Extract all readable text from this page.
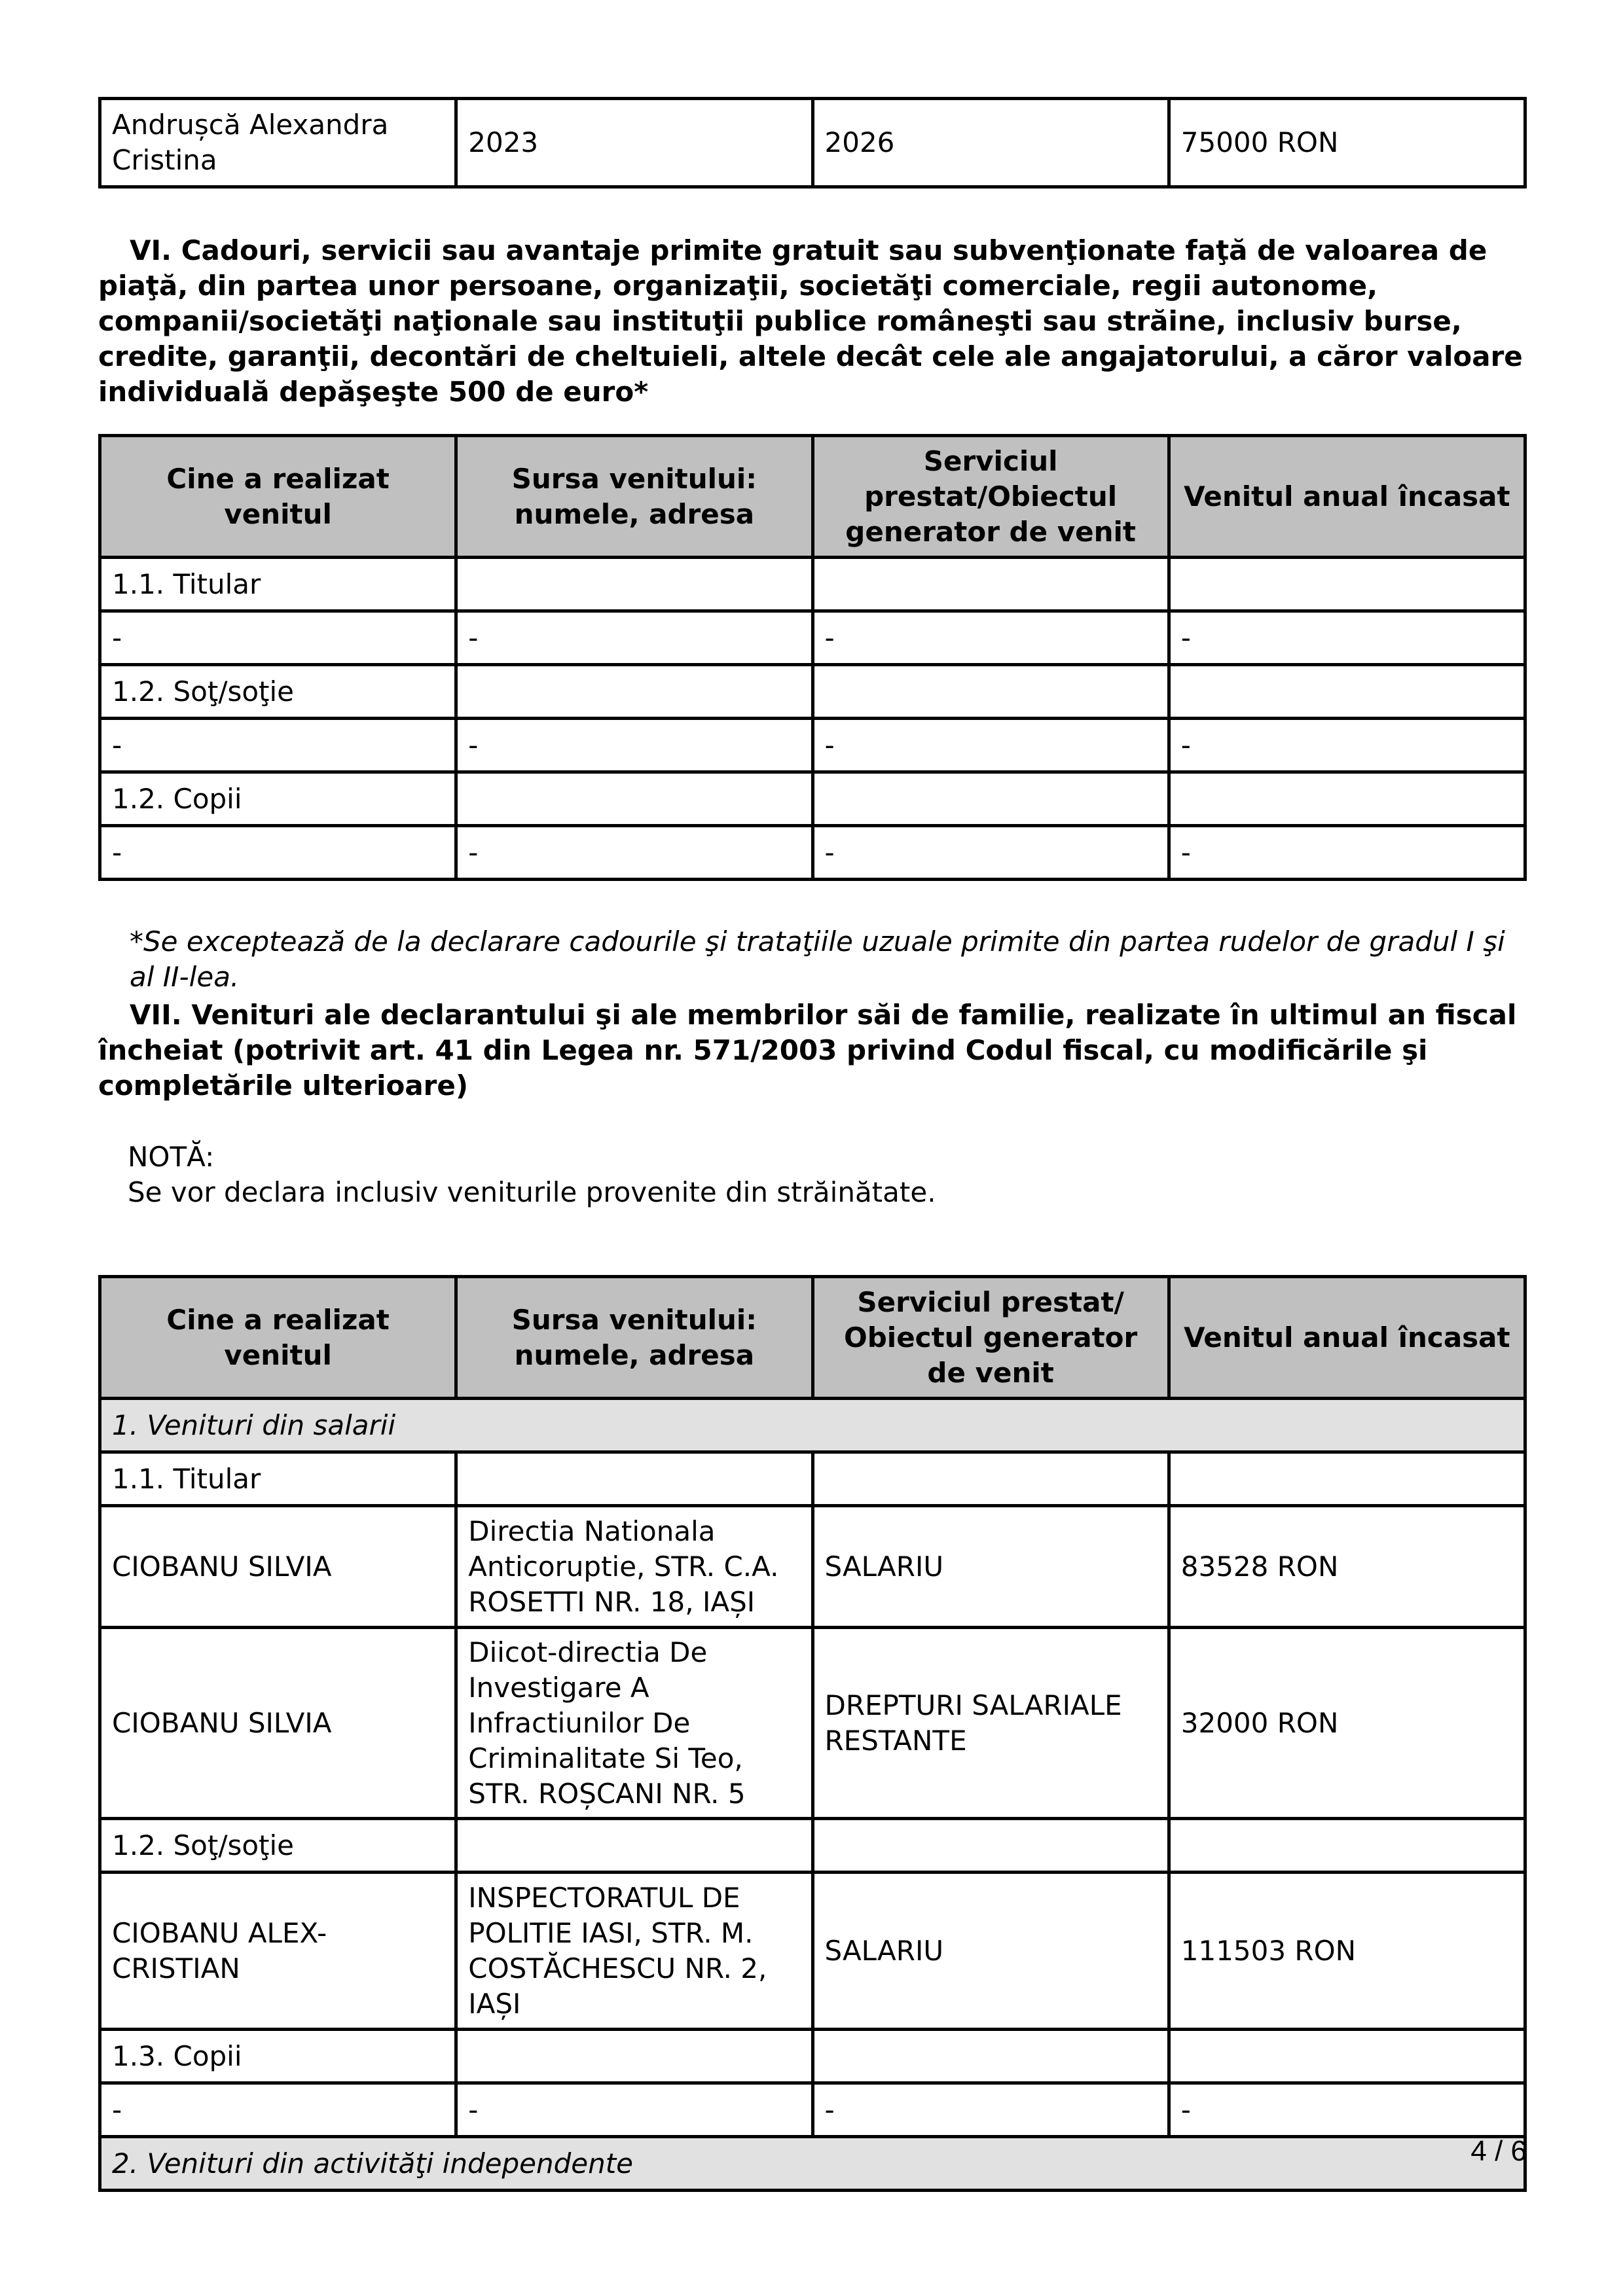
Andrușcă Alexandra Cristina	2023	2026	75000 RON
VI. Cadouri, servicii sau avantaje primite gratuit sau subvenţionate faţă de valoarea de piaţă, din partea unor persoane, organizaţii, societăţi comerciale, regii autonome, companii/societăţi naţionale sau instituţii publice româneşti sau străine, inclusiv burse, credite, garanţii, decontări de cheltuieli, altele decât cele ale angajatorului, a căror valoare individuală depăşeşte 500 de euro*
Cine a realizat venitul	Sursa venitului: numele, adresa	Serviciul prestat/Obiectul generator de venit	Venitul anual încasat
1.1. Titular			
-	-	-	-
1.2. Soţ/soţie			
-	-	-	-
1.2. Copii			
-	-	-	-
*Se exceptează de la declarare cadourile şi trataţiile uzuale primite din partea rudelor de gradul I şi al II-lea.
VII. Venituri ale declarantului şi ale membrilor săi de familie, realizate în ultimul an fiscal încheiat (potrivit art. 41 din Legea nr. 571/2003 privind Codul fiscal, cu modificările şi completările ulterioare)
NOTĂ:
Se vor declara inclusiv veniturile provenite din străinătate.
Cine a realizat venitul	Sursa venitului: numele, adresa	Serviciul prestat/ Obiectul generator de venit	Venitul anual încasat
1. Venituri din salarii			
1.1. Titular			
CIOBANU SILVIA	Directia Nationala Anticoruptie, STR. C.A. ROSETTI NR. 18, IAȘI	SALARIU	83528 RON
CIOBANU SILVIA	Diicot-directia De Investigare A Infractiunilor De Criminalitate Si Teo, STR. ROȘCANI NR. 5	DREPTURI SALARIALE RESTANTE	32000 RON
1.2. Soţ/soţie			
CIOBANU ALEX-CRISTIAN	INSPECTORATUL DE POLITIE IASI, STR. M. COSTĂCHESCU NR. 2, IAȘI	SALARIU	111503 RON
1.3. Copii			
-	-	-	-
2. Venituri din activităţi independente				4 / 6
